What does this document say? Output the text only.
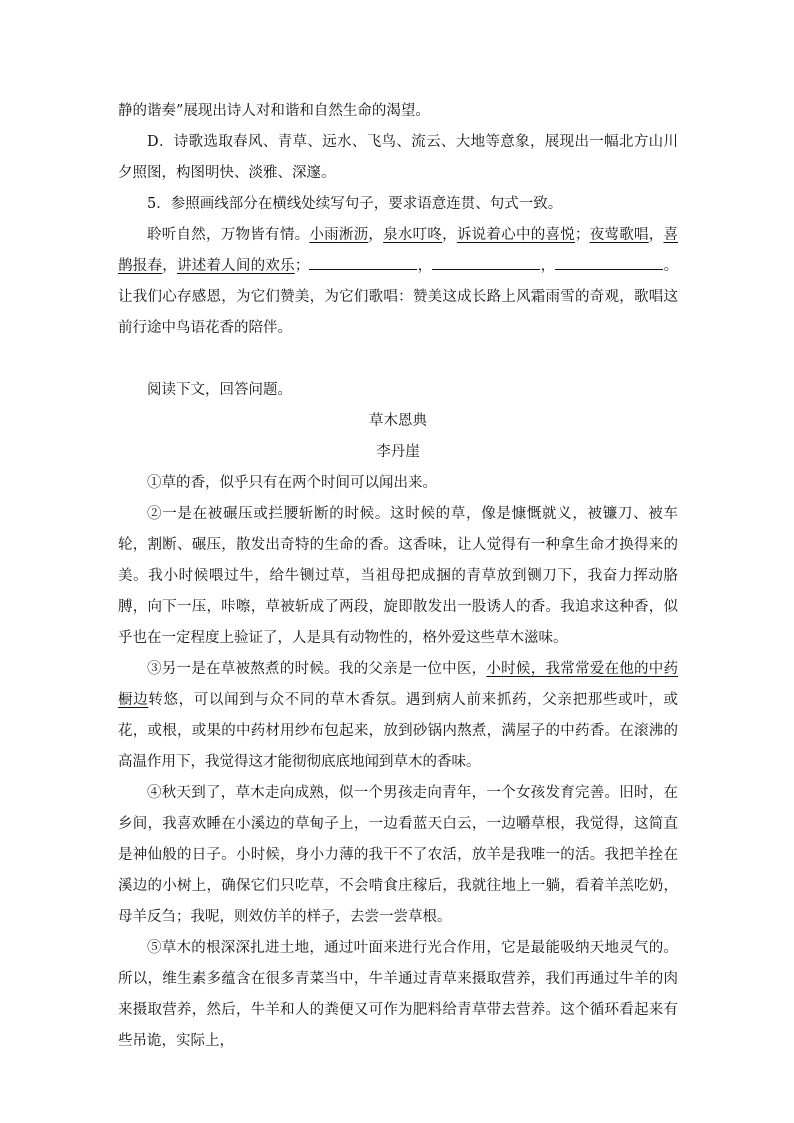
静的谐奏”展现出诗人对和谐和自然生命的渴望。

D．诗歌选取春风、青草、远水、飞鸟、流云、大地等意象，展现出一幅北方山川夕照图，构图明快、淡雅、深邃。

5．参照画线部分在横线处续写句子，要求语意连贯、句式一致。

聆听自然，万物皆有情。小雨淅沥，泉水叮咚，诉说着心中的喜悦；夜莺歌唱，喜鹊报春，讲述着人间的欢乐；	，	，	。让我们心存感恩，为它们赞美，为它们歌唱：赞美这成长路上风霜雨雪的奇观，歌唱这前行途中鸟语花香的陪伴。

阅读下文，回答问题。

草木恩典

李丹崖

①草的香，似乎只有在两个时间可以闻出来。

②一是在被碾压或拦腰斩断的时候。这时候的草，像是慷慨就义，被镰刀、被车轮，割断、碾压，散发出奇特的生命的香。这香味，让人觉得有一种拿生命才换得来的美。我小时候喂过牛，给牛铡过草，当祖母把成捆的青草放到铡刀下，我奋力挥动胳膊，向下一压，咔嚓，草被斩成了两段，旋即散发出一股诱人的香。我追求这种香，似乎也在一定程度上验证了，人是具有动物性的，格外爱这些草木滋味。

③另一是在草被熬煮的时候。我的父亲是一位中医，小时候，我常常爱在他的中药橱边转悠，可以闻到与众不同的草木香氛。遇到病人前来抓药，父亲把那些或叶，或花，或根，或果的中药材用纱布包起来，放到砂锅内熬煮，满屋子的中药香。在滚沸的高温作用下，我觉得这才能彻彻底底地闻到草木的香味。

④秋天到了，草木走向成熟，似一个男孩走向青年，一个女孩发育完善。旧时，在乡间，我喜欢睡在小溪边的草甸子上，一边看蓝天白云，一边嚼草根，我觉得，这简直是神仙般的日子。小时候，身小力薄的我干不了农活，放羊是我唯一的活。我把羊拴在溪边的小树上，确保它们只吃草，不会啃食庄稼后，我就往地上一躺，看着羊羔吃奶，母羊反刍；我呢，则效仿羊的样子，去尝一尝草根。

⑤草木的根深深扎进土地，通过叶面来进行光合作用，它是最能吸纳天地灵气的。所以，维生素多蕴含在很多青菜当中，牛羊通过青草来摄取营养，我们再通过牛羊的肉来摄取营养，然后，牛羊和人的粪便又可作为肥料给青草带去营养。这个循环看起来有些吊诡，实际上，
